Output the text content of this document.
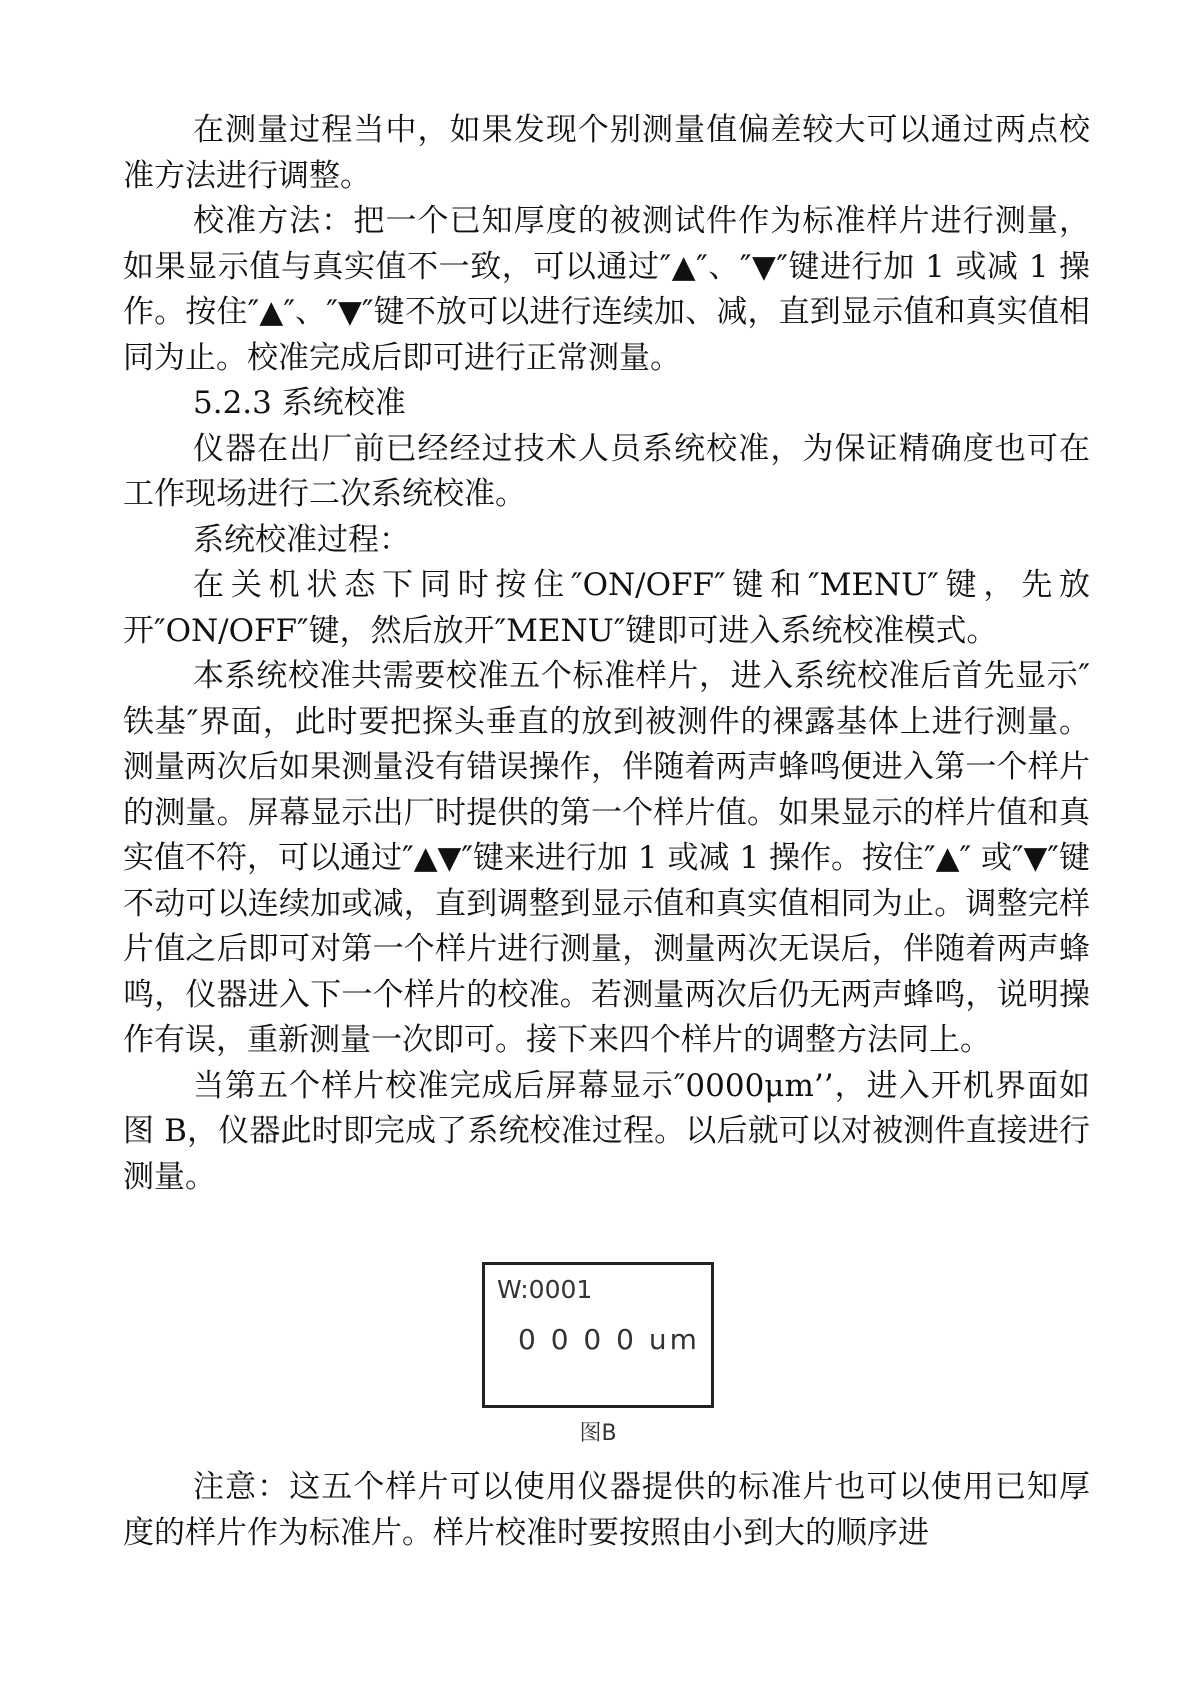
在测量过程当中，如果发现个别测量值偏差较大可以通过两点校准方法进行调整。

校准方法：把一个已知厚度的被测试件作为标准样片进行测量，如果显示值与真实值不一致，可以通过″▲″、″▼″键进行加 1 或减 1 操作。按住″▲″、″▼″键不放可以进行连续加、减，直到显示值和真实值相同为止。校准完成后即可进行正常测量。

5.2.3 系统校准

仪器在出厂前已经经过技术人员系统校准，为保证精确度也可在工作现场进行二次系统校准。

系统校准过程：

在关机状态下同时按住″ON/OFF″键和″MENU″键，先放开″ON/OFF″键，然后放开″MENU″键即可进入系统校准模式。

本系统校准共需要校准五个标准样片，进入系统校准后首先显示″铁基″界面，此时要把探头垂直的放到被测件的裸露基体上进行测量。测量两次后如果测量没有错误操作，伴随着两声蜂鸣便进入第一个样片的测量。屏幕显示出厂时提供的第一个样片值。如果显示的样片值和真实值不符，可以通过″▲▼″键来进行加 1 或减 1 操作。按住″▲″ 或″▼″键不动可以连续加或减，直到调整到显示值和真实值相同为止。调整完样片值之后即可对第一个样片进行测量，测量两次无误后，伴随着两声蜂鸣，仪器进入下一个样片的校准。若测量两次后仍无两声蜂鸣，说明操作有误，重新测量一次即可。接下来四个样片的调整方法同上。

当第五个样片校准完成后屏幕显示″0000μm’’，进入开机界面如图 B，仪器此时即完成了系统校准过程。以后就可以对被测件直接进行测量。

W:0001
0 0 0 0 um
图B

注意：这五个样片可以使用仪器提供的标准片也可以使用已知厚度的样片作为标准片。样片校准时要按照由小到大的顺序进
